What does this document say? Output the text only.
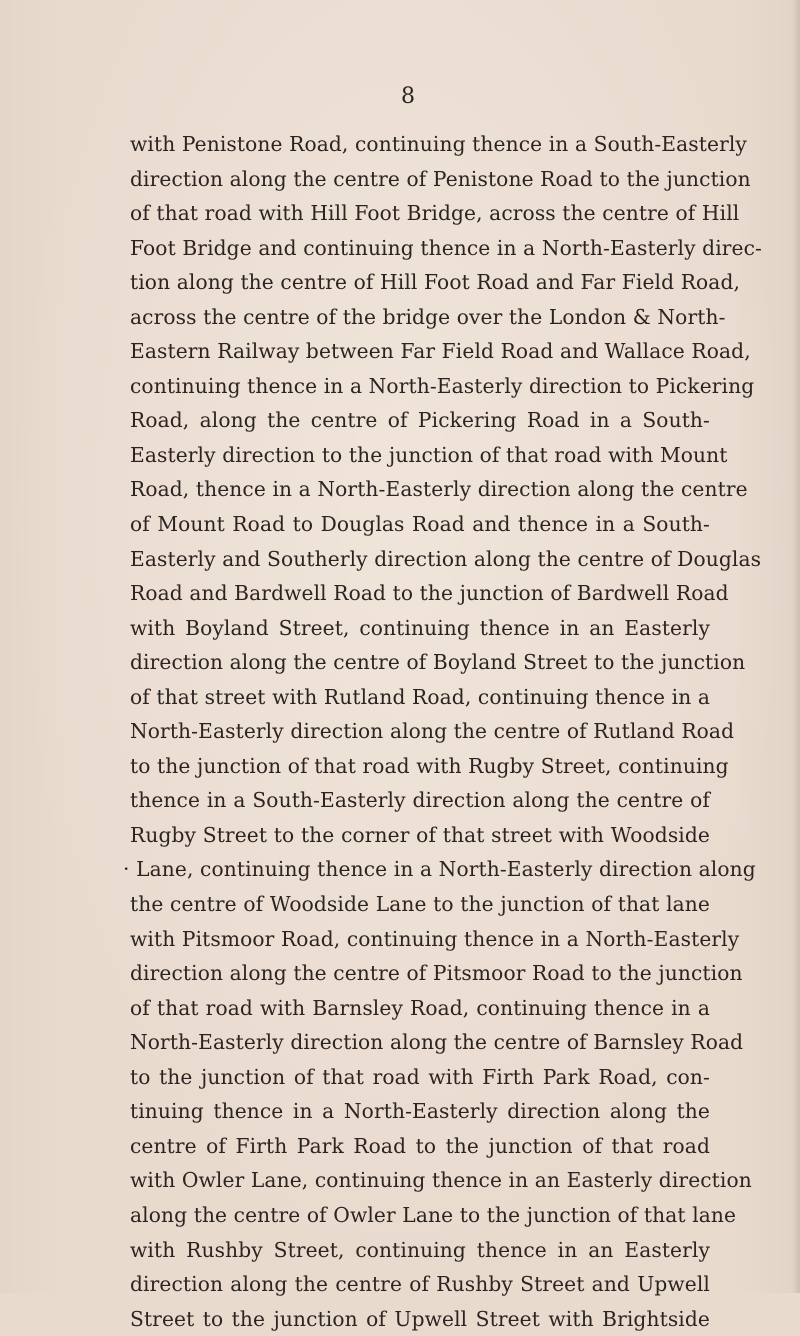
8

with Penistone Road, continuing thence in a South-Easterly
direction along the centre of Penistone Road to the junction
of that road with Hill Foot Bridge, across the centre of Hill
Foot Bridge and continuing thence in a North-Easterly direc-
tion along the centre of Hill Foot Road and Far Field Road,
across the centre of the bridge over the London & North-
Eastern Railway between Far Field Road and Wallace Road,
continuing thence in a North-Easterly direction to Pickering
Road, along the centre of Pickering Road in a South-
Easterly direction to the junction of that road with Mount
Road, thence in a North-Easterly direction along the centre
of Mount Road to Douglas Road and thence in a South-
Easterly and Southerly direction along the centre of Douglas
Road and Bardwell Road to the junction of Bardwell Road
with Boyland Street, continuing thence in an Easterly
direction along the centre of Boyland Street to the junction
of that street with Rutland Road, continuing thence in a
North-Easterly direction along the centre of Rutland Road
to the junction of that road with Rugby Street, continuing
thence in a South-Easterly direction along the centre of
Rugby Street to the corner of that street with Woodside
· Lane, continuing thence in a North-Easterly direction along
the centre of Woodside Lane to the junction of that lane
with Pitsmoor Road, continuing thence in a North-Easterly
direction along the centre of Pitsmoor Road to the junction
of that road with Barnsley Road, continuing thence in a
North-Easterly direction along the centre of Barnsley Road
to the junction of that road with Firth Park Road, con-
tinuing thence in a North-Easterly direction along the
centre of Firth Park Road to the junction of that road
with Owler Lane, continuing thence in an Easterly direction
along the centre of Owler Lane to the junction of that lane
with Rushby Street, continuing thence in an Easterly
direction along the centre of Rushby Street and Upwell
Street to the junction of Upwell Street with Brightside
